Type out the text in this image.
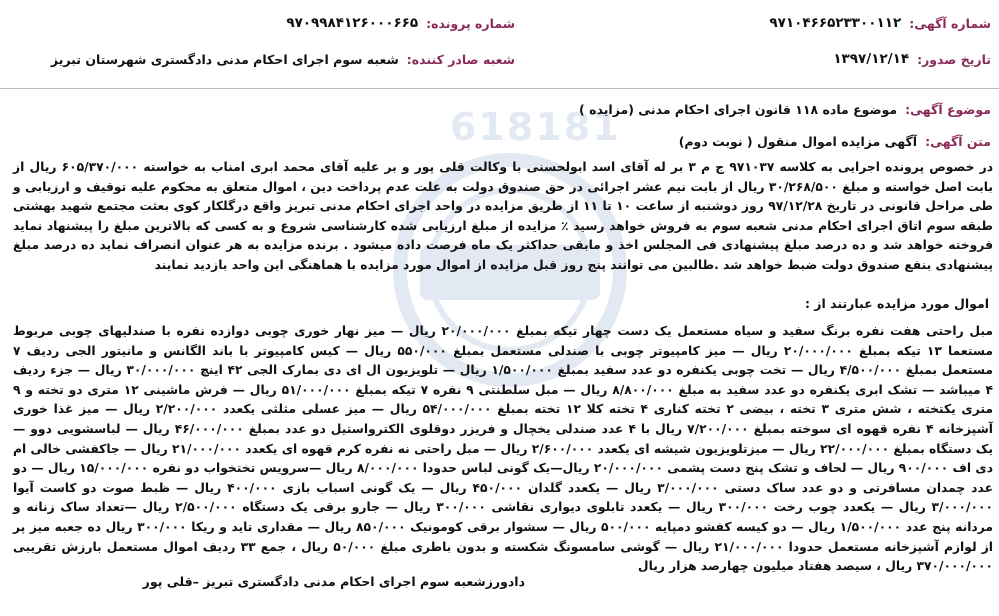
618181
شماره آگهی:
۹۷۱۰۴۶۶۵۲۳۳۰۰۱۱۲
شماره پرونده:
۹۷۰۹۹۸۴۱۲۶۰۰۰۶۶۵
تاریخ صدور:
۱۳۹۷/۱۲/۱۴
شعبه صادر کننده:
شعبه سوم اجرای احکام مدنی دادگستری شهرستان تبریز
موضوع آگهی:
موضوع ماده ۱۱۸ قانون اجرای احکام مدنی (مزایده )
متن آگهی:
آگهی مزایده اموال منقول ( نوبت دوم)
در خصوص پرونده اجرایی به کلاسه ۹۷۱۰۳۷ ج م ۳ بر له آقای اسد ابولحسنی با وکالت قلی پور و بر علیه آقای محمد ابری امناب به خواسته ۶۰۵/۳۷۰/۰۰۰ ریال از بابت اصل خواسته و مبلغ ۳۰/۲۶۸/۵۰۰ ریال از بابت نیم عشر اجرائی در حق صندوق دولت به علت عدم پرداخت دین ، اموال متعلق به محکوم علیه توقیف و ارزیابی و طی مراحل قانونی در تاریخ ۹۷/۱۲/۲۸ روز دوشنبه از ساعت ۱۰ تا ۱۱ از طریق مزایده در واحد اجرای احکام مدنی تبریز واقع درگلکار کوی بعثت مجتمع شهید بهشتی طبقه سوم اتاق اجرای احکام مدنی شعبه سوم به فروش خواهد رسید ٪ مزایده از مبلغ ارزیابی شده کارشناسی شروع و به کسی که بالاترین مبلغ را پیشنهاد نماید فروخته خواهد شد و ده درصد مبلغ پیشنهادی فی المجلس اخذ و مابقی حداکثر یک ماه فرصت داده میشود . برنده مزایده به هر عنوان انصراف نماید ده درصد مبلغ پیشنهادی بنفع صندوق دولت ضبط خواهد شد .طالبین می توانند پنج روز قبل مزایده از اموال مورد مزایده با هماهنگی این واحد بازدید نمایند
اموال مورد مزایده عبارتند از :
مبل راحتی هفت نفره برنگ سفید و سیاه مستعمل یک دست چهار تیکه بمبلغ ۲۰/۰۰۰/۰۰۰ ریال — میز نهار خوری چوبی دوازده نفره با صندلیهای چوبی مربوط مستعما ۱۳ تیکه بمبلغ ۲۰/۰۰۰/۰۰۰ ریال — میز کامپیوتر چوبی با صندلی مستعمل بمبلغ ۵۵۰/۰۰۰ ریال — کیس کامپیوتر با باند الگانس و مانیتور الجی ردیف ۷ مستعمل بمبلغ ۴/۵۰۰/۰۰۰ ریال — تخت چوبی یکنفره دو عدد سفید بمبلغ ۱/۵۰۰/۰۰۰ ریال — تلویزیون ال ای دی بمارک الجی ۴۲ اینچ ۳۰/۰۰۰/۰۰۰ ریال — جزء ردیف ۴ میباشد — تشک ابری یکنفره دو عدد سفید به مبلغ ۸/۸۰۰/۰۰۰ ریال — مبل سلطنتی ۹ نفره ۷ تیکه بمبلغ ۵۱/۰۰۰/۰۰۰ ریال — فرش ماشینی ۱۲ متری دو تخته و ۹ متری یکتخته ، شش متری ۳ تخته ، بیضی ۲ تخته کناری ۴ تخته کلا ۱۲ تخته بمبلغ ۵۴/۰۰۰/۰۰۰ ریال — میز عسلی مثلثی یکعدد ۲/۲۰۰/۰۰۰ ریال — میز غذا خوری آشپزخانه ۴ نفره قهوه ای سوخته بمبلغ ۷/۲۰۰/۰۰۰ ریال با ۴ عدد صندلی یخچال و فریزر دوقلوی الکترواستیل دو عدد بمبلغ ۴۶/۰۰۰/۰۰۰ ریال — لباسشویی دوو — یک دستگاه بمبلغ ۲۲/۰۰۰/۰۰۰ ریال — میزتلویزیون شیشه ای یکعدد ۲/۶۰۰/۰۰۰ ریال — مبل راحتی نه نفره کرم قهوه ای یکعدد ۲۱/۰۰۰/۰۰۰ ریال — جاکفشی خالی ام دی اف ۹۰۰/۰۰۰ ریال — لحاف و تشک پنج دست پشمی ۲۰/۰۰۰/۰۰۰ ریال—یک گونی لباس حدودا ۸/۰۰۰/۰۰۰ ریال —سرویس تختخواب دو نفره ۱۵/۰۰۰/۰۰۰ ریال — دو عدد چمدان مسافرتی و دو عدد ساک دستی ۳/۰۰۰/۰۰۰ ریال — یکعدد گلدان ۴۵۰/۰۰۰ ریال — یک گونی اسباب بازی ۴۰۰/۰۰۰ ریال — ظبط صوت دو کاست آیوا ۳/۰۰۰/۰۰۰ ریال — یکعدد چوب رخت ۳۰۰/۰۰۰ ریال — یکعدد تابلوی دیواری نقاشی ۳۰۰/۰۰۰ ریال — جارو برقی یک دستگاه ۲/۵۰۰/۰۰۰ ریال —تعداد ساک زنانه و مردانه پنج عدد ۱/۵۰۰/۰۰۰ ریال — دو کیسه کفشو دمپایه ۵۰۰/۰۰۰ ریال — سشوار برقی کومونیک ۸۵۰/۰۰۰ ریال — مقداری تاید و ریکا ۳۰۰/۰۰۰ ریال ده جعبه میز پر از لوازم آشپزخانه مستعمل حدودا ۲۱/۰۰۰/۰۰۰ ریال — گوشی سامسونگ شکسته و بدون باطری مبلغ ۵۰/۰۰۰ ریال ، جمع ۳۳ ردیف اموال مستعمل بارزش تقریبی ۳۷۰/۰۰۰/۰۰۰ ریال ، سیصد هفتاد میلیون چهارصد هزار ریال
دادورزشعبه سوم اجرای احکام مدنی دادگستری تبریز –قلی پور
